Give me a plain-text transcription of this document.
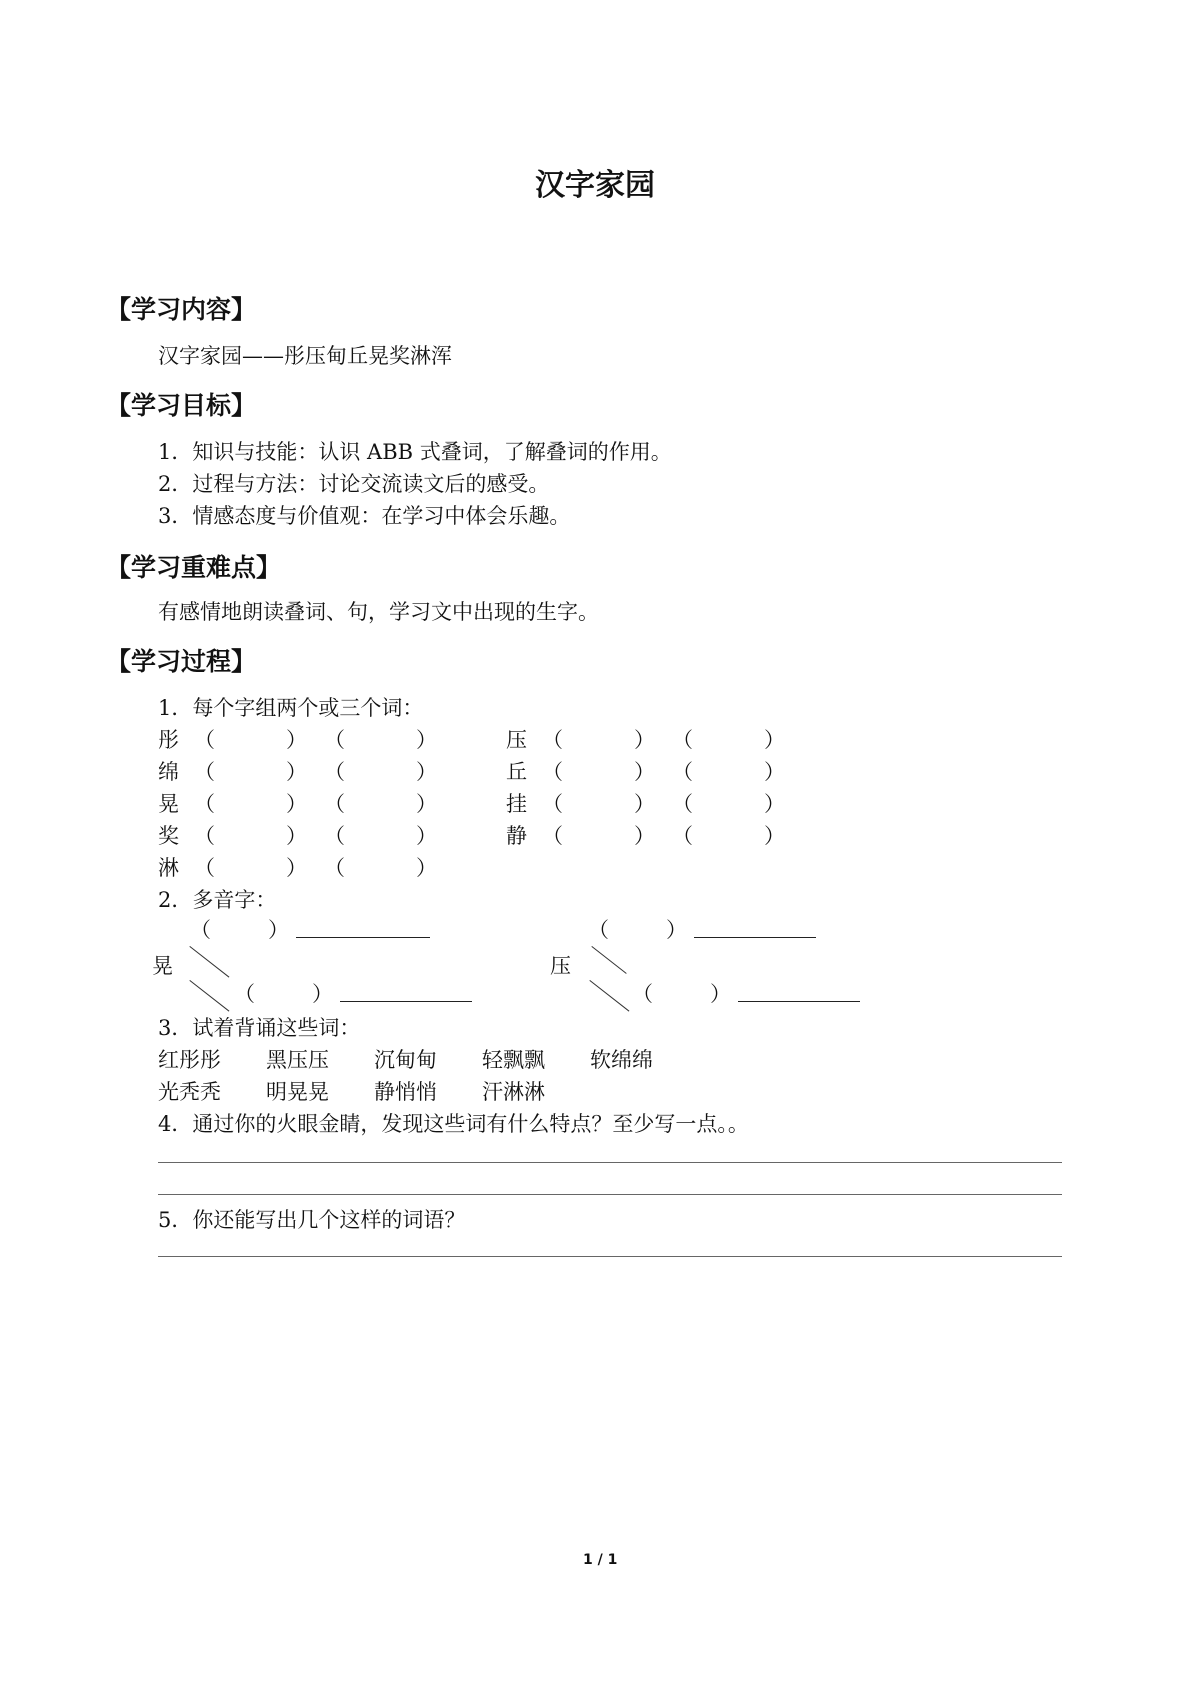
汉字家园
【学习内容】
汉字家园——彤压甸丘晃奖淋浑
【学习目标】
1．知识与技能：认识 ABB 式叠词，了解叠词的作用。
2．过程与方法：讨论交流读文后的感受。
3．情感态度与价值观：在学习中体会乐趣。
【学习重难点】
有感情地朗读叠词、句，学习文中出现的生字。
【学习过程】
1．每个字组两个或三个词：
彤 （	） （	）
绵 （	） （	）
晃 （	） （	）
奖 （	） （	）
淋 （	） （	）
压 （	） （	）
丘 （	） （	）
挂 （	） （	）
静 （	） （	）
2．多音字：
（	）
晃
（	）
（	）
压
（	）
3．试着背诵这些词：
红彤彤 黑压压 沉甸甸 轻飘飘 软绵绵
光秃秃 明晃晃 静悄悄 汗淋淋
4．通过你的火眼金睛，发现这些词有什么特点？至少写一点。。
5．你还能写出几个这样的词语？
1 / 1
